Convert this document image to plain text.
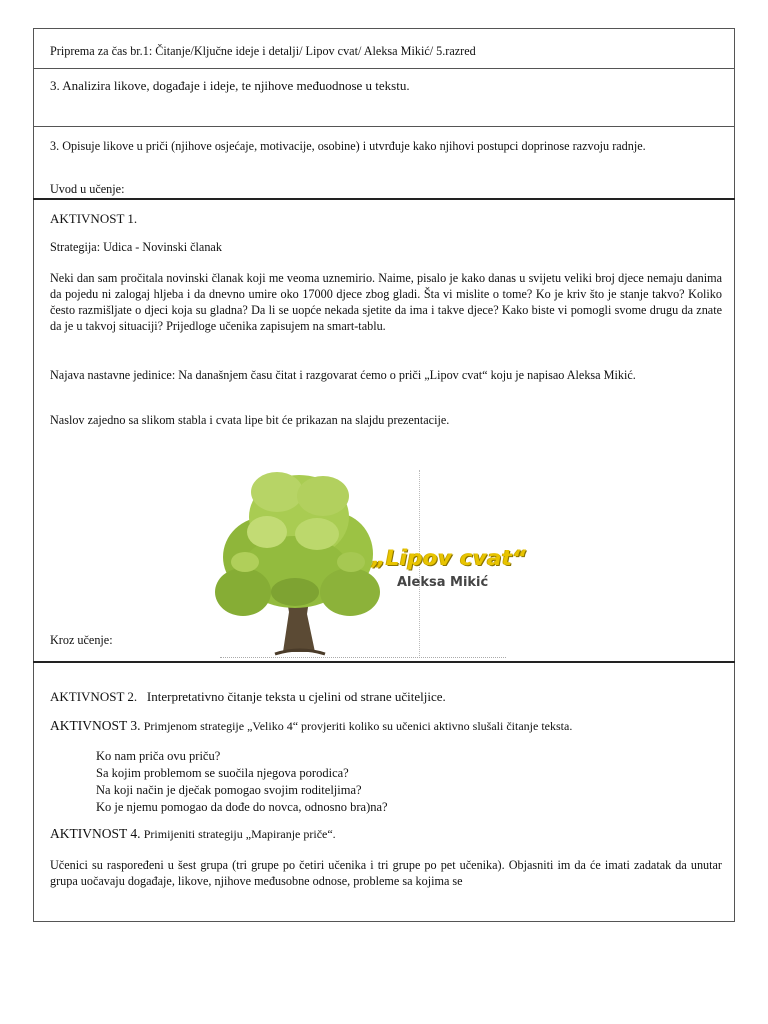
Priprema za čas br.1: Čitanje/Ključne ideje i detalji/ Lipov cvat/ Aleksa Mikić/ 5.razred
3. Analizira likove, događaje i ideje, te njihove međuodnose u tekstu.
3. Opisuje likove u priči (njihove osjećaje, motivacije, osobine) i utvrđuje kako njihovi postupci doprinose razvoju radnje.
Uvod u učenje:
AKTIVNOST 1.
Strategija: Udica - Novinski članak
Neki dan sam pročitala novinski članak koji me veoma uznemirio. Naime, pisalo je kako danas u svijetu veliki broj djece nemaju danima da pojedu ni zalogaj hljeba i da dnevno umire oko 17000 djece zbog gladi. Šta vi mislite o tome? Ko je kriv što je stanje takvo? Koliko često razmišljate o djeci koja su gladna? Da li se uopće nekada sjetite da ima i takve djece? Kako biste vi pomogli svome drugu da znate da je u takvoj situaciji? Prijedloge učenika zapisujem na smart-tablu.
Najava nastavne jedinice: Na današnjem času čitat i razgovarat ćemo o priči „Lipov cvat“ koju je napisao Aleksa Mikić.
Naslov zajedno sa slikom stabla i cvata lipe bit će prikazan na slajdu prezentacije.
„Lipov cvat“
Aleksa Mikić
Kroz učenje:
AKTIVNOST 2. Interpretativno čitanje teksta u cjelini od strane učiteljice.
AKTIVNOST 3. Primjenom strategije „Veliko 4“ provjeriti koliko su učenici aktivno slušali čitanje teksta.
Ko nam priča ovu priču?
Sa kojim problemom se suočila njegova porodica?
Na koji način je dječak pomogao svojim roditeljima?
Ko je njemu pomogao da dođe do novca, odnosno bra)na?
AKTIVNOST 4. Primijeniti strategiju „Mapiranje priče“.
Učenici su raspoređeni u šest grupa (tri grupe po četiri učenika i tri grupe po pet učenika). Objasniti im da će imati zadatak da unutar grupa uočavaju događaje, likove, njihove međusobne odnose, probleme sa kojima se
